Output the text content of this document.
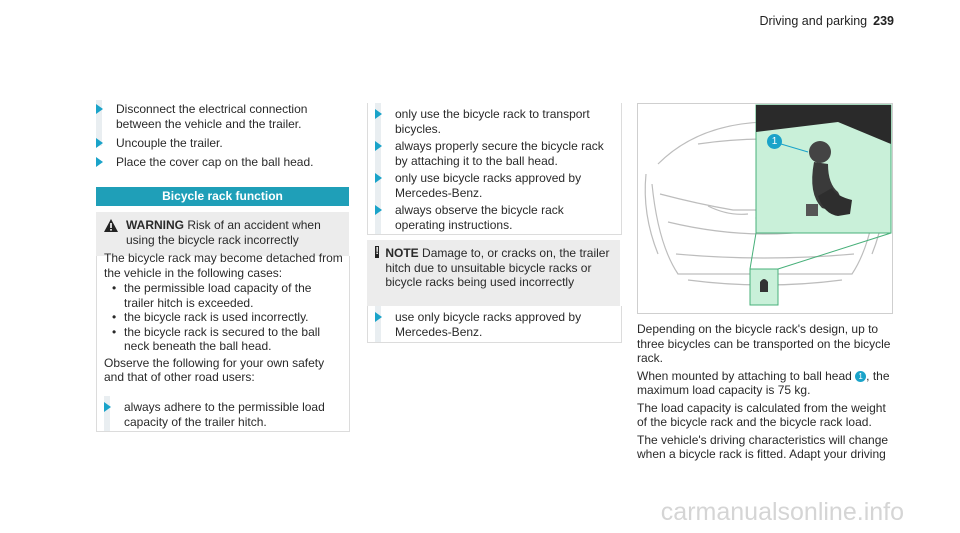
Driving and parking 239
Disconnect the electrical connection between the vehicle and the trailer.
Uncouple the trailer.
Place the cover cap on the ball head.
Bicycle rack function
WARNING Risk of an accident when using the bicycle rack incorrectly
The bicycle rack may become detached from the vehicle in the following cases:
• the permissible load capacity of the trailer hitch is exceeded.
• the bicycle rack is used incorrectly.
• the bicycle rack is secured to the ball neck beneath the ball head.
Observe the following for your own safety and that of other road users:
always adhere to the permissible load capacity of the trailer hitch.
only use the bicycle rack to transport bicycles.
always properly secure the bicycle rack by attaching it to the ball head.
only use bicycle racks approved by Mercedes-Benz.
always observe the bicycle rack operating instructions.
! NOTE Damage to, or cracks on, the trailer hitch due to unsuitable bicycle racks or bicycle racks being used incorrectly
use only bicycle racks approved by Mercedes-Benz.
1
Depending on the bicycle rack's design, up to three bicycles can be transported on the bicycle rack.
When mounted by attaching to ball head 1 , the maximum load capacity is 75 kg.
The load capacity is calculated from the weight of the bicycle rack and the bicycle rack load.
The vehicle's driving characteristics will change when a bicycle rack is fitted. Adapt your driving
carmanualsonline.info
